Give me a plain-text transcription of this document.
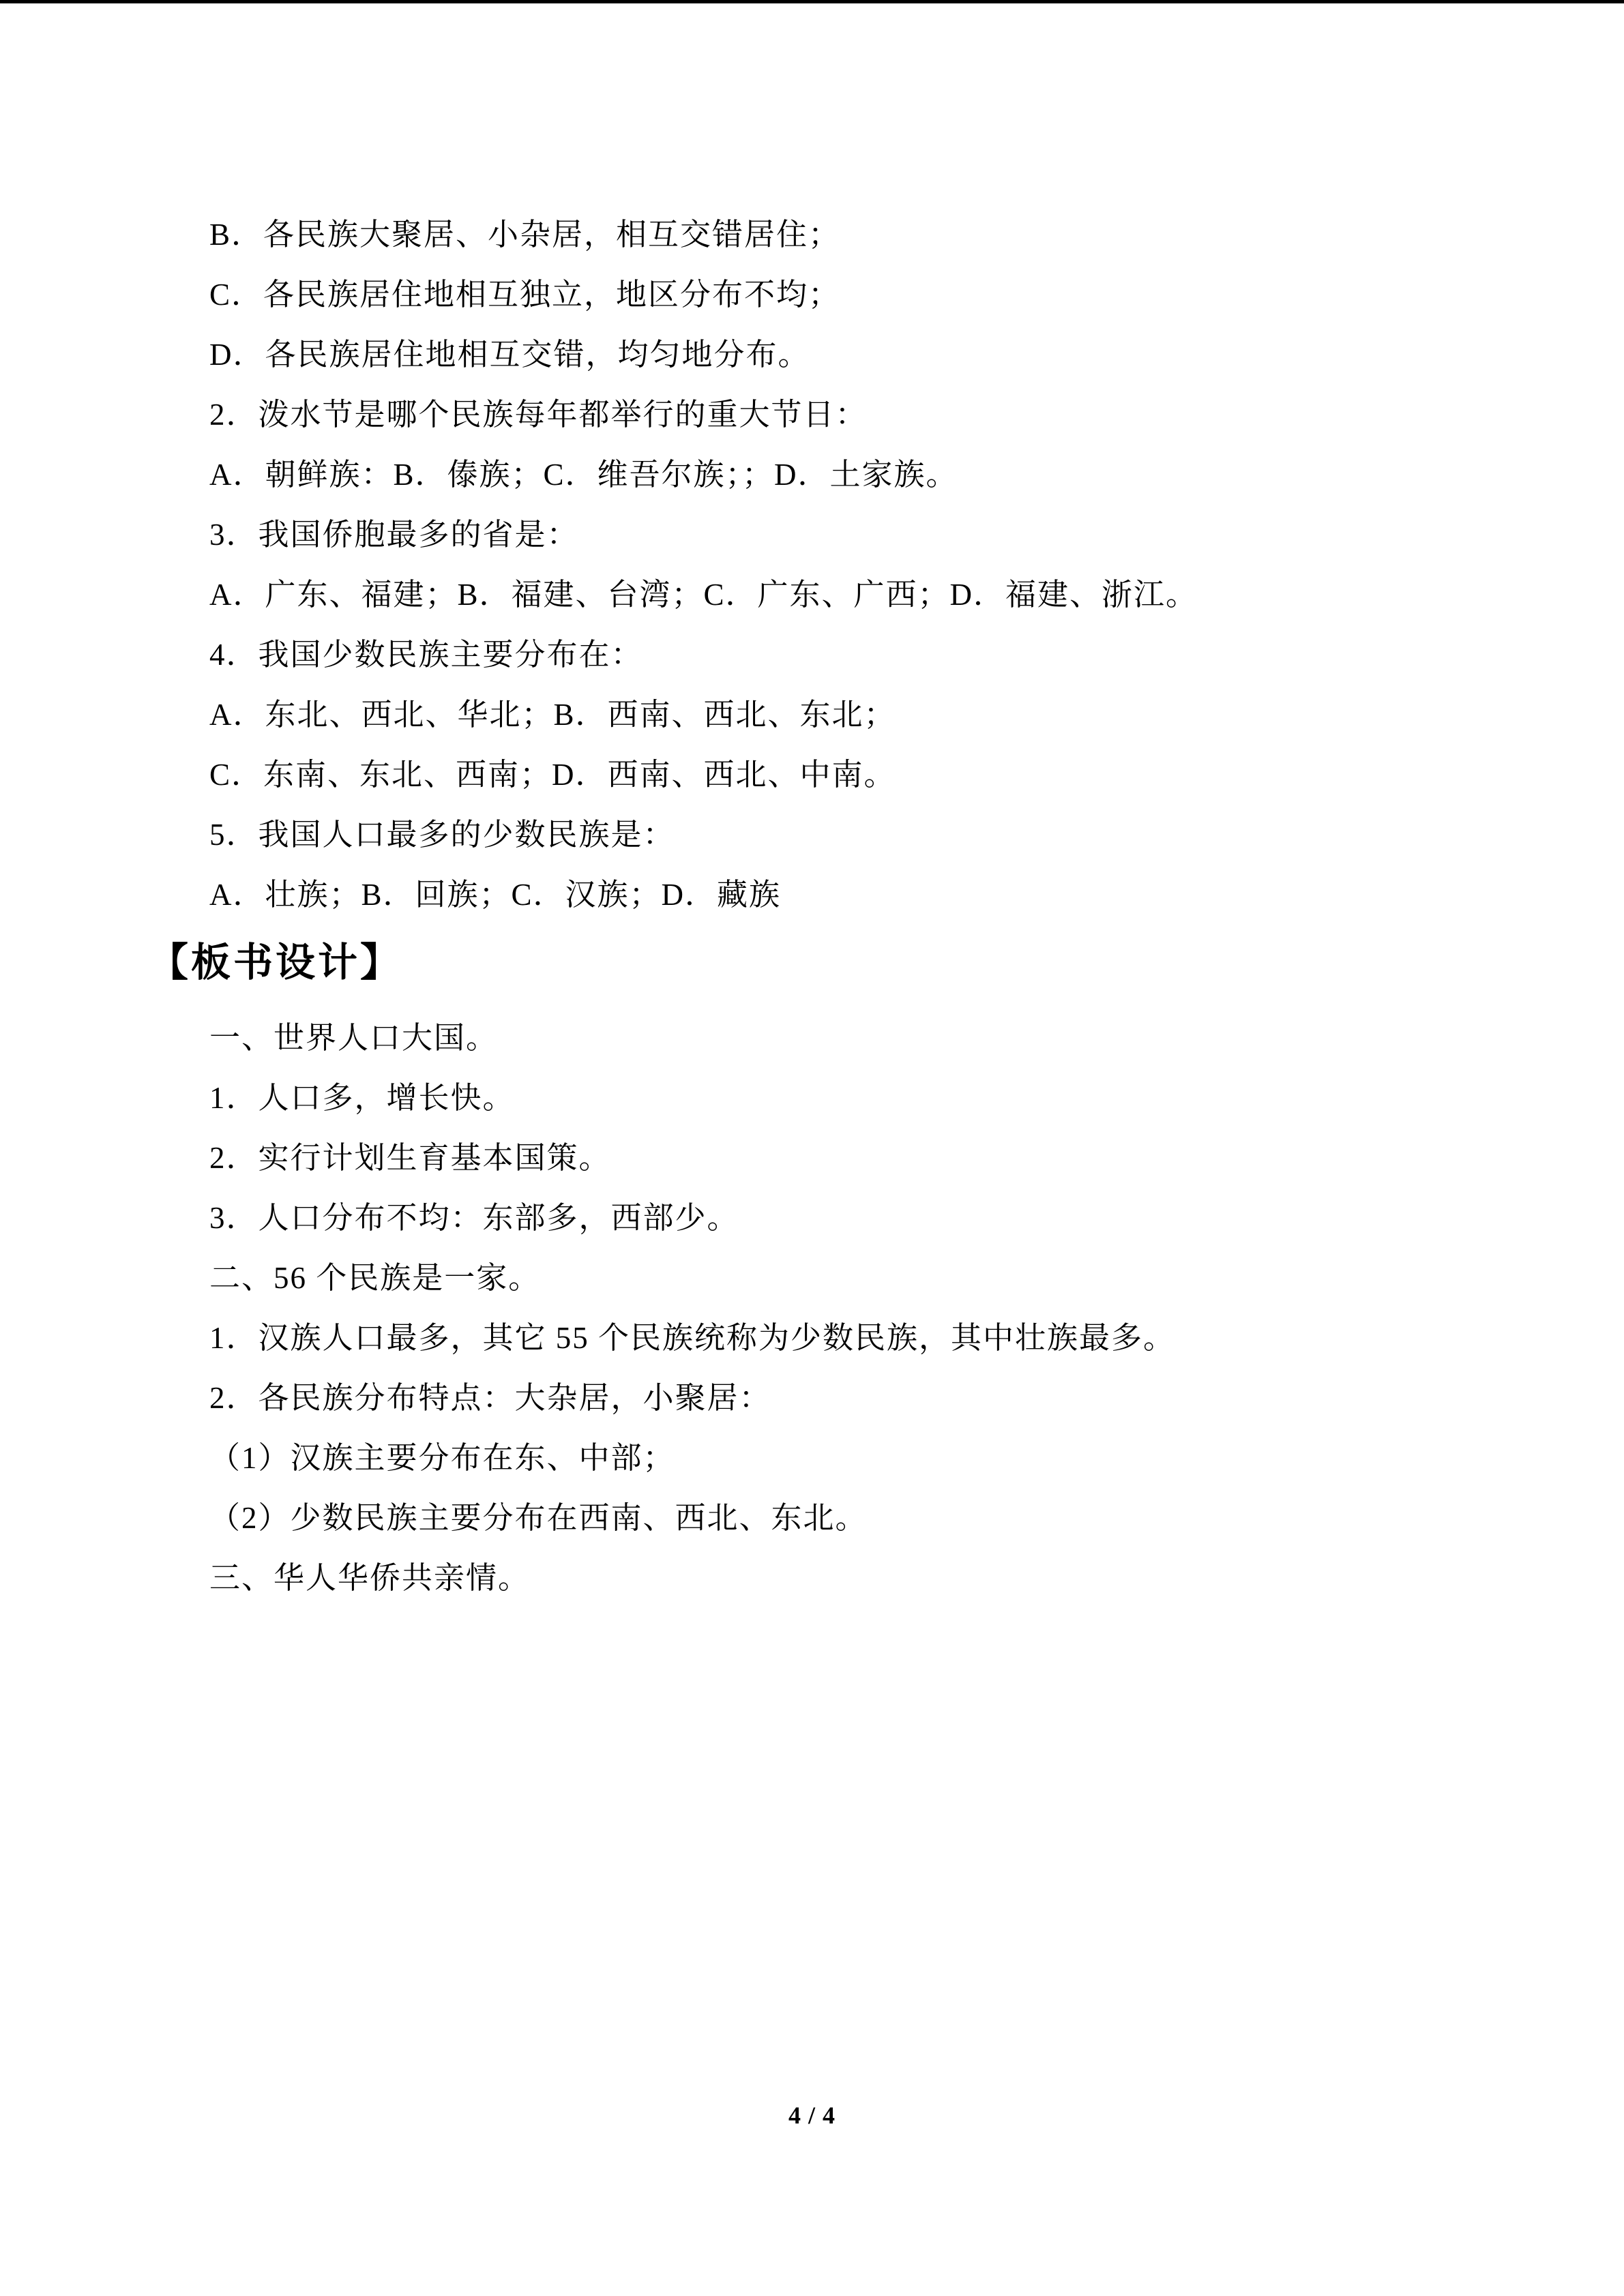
B．各民族大聚居、小杂居，相互交错居住；

C．各民族居住地相互独立，地区分布不均；

D．各民族居住地相互交错，均匀地分布。

2．泼水节是哪个民族每年都举行的重大节日：

A．朝鲜族：B．傣族；C．维吾尔族；；D．土家族。

3．我国侨胞最多的省是：

A．广东、福建；B．福建、台湾；C．广东、广西；D．福建、浙江。

4．我国少数民族主要分布在：

A．东北、西北、华北；B．西南、西北、东北；

C．东南、东北、西南；D．西南、西北、中南。

5．我国人口最多的少数民族是：

A．壮族；B．回族；C．汉族；D．藏族

【板书设计】

一、世界人口大国。

1．人口多，增长快。

2．实行计划生育基本国策。

3．人口分布不均：东部多，西部少。

二、56 个民族是一家。

1．汉族人口最多，其它 55 个民族统称为少数民族，其中壮族最多。

2．各民族分布特点：大杂居，小聚居：

（1）汉族主要分布在东、中部；

（2）少数民族主要分布在西南、西北、东北。

三、华人华侨共亲情。

4 / 4
